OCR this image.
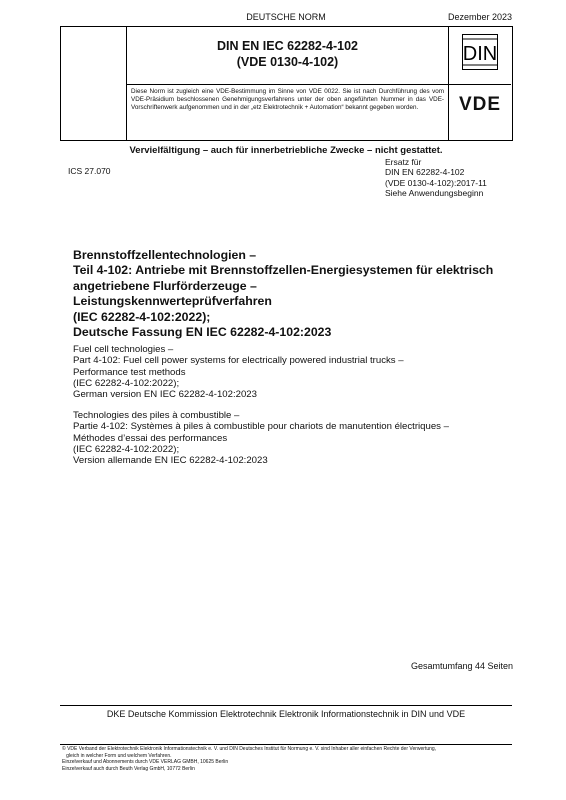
DEUTSCHE NORM	Dezember 2023
DIN EN IEC 62282-4-102
(VDE 0130-4-102)
Diese Norm ist zugleich eine VDE-Bestimmung im Sinne von VDE 0022. Sie ist nach Durchführung des vom VDE-Präsidium beschlossenen Genehmigungsverfahrens unter der oben angeführten Nummer in das VDE-Vorschriftenwerk aufgenommen und in der „etz Elektrotechnik + Automation“ bekannt gegeben worden.
DIN
VDE
Vervielfältigung – auch für innerbetriebliche Zwecke – nicht gestattet.
ICS 27.070
Ersatz für
DIN EN 62282-4-102
(VDE 0130-4-102):2017-11
Siehe Anwendungsbeginn
Brennstoffzellentechnologien –
Teil 4-102: Antriebe mit Brennstoffzellen-Energiesystemen für elektrisch
angetriebene Flurförderzeuge –
Leistungskennwerteprüfverfahren
(IEC 62282-4-102:2022);
Deutsche Fassung EN IEC 62282-4-102:2023
Fuel cell technologies –
Part 4-102: Fuel cell power systems for electrically powered industrial trucks –
Performance test methods
(IEC 62282-4-102:2022);
German version EN IEC 62282-4-102:2023
Technologies des piles à combustible –
Partie 4-102: Systèmes à piles à combustible pour chariots de manutention électriques –
Méthodes d’essai des performances
(IEC 62282-4-102:2022);
Version allemande EN IEC 62282-4-102:2023
Gesamtumfang 44 Seiten
DKE Deutsche Kommission Elektrotechnik Elektronik Informationstechnik in DIN und VDE
© VDE Verband der Elektrotechnik Elektronik Informationstechnik e. V. und DIN Deutsches Institut für Normung e. V. sind Inhaber aller einfachen Rechte der Verwertung,
gleich in welcher Form und welchem Verfahren.
Einzelverkauf und Abonnements durch VDE VERLAG GMBH, 10625 Berlin
Einzelverkauf auch durch Beuth Verlag GmbH, 10772 Berlin
